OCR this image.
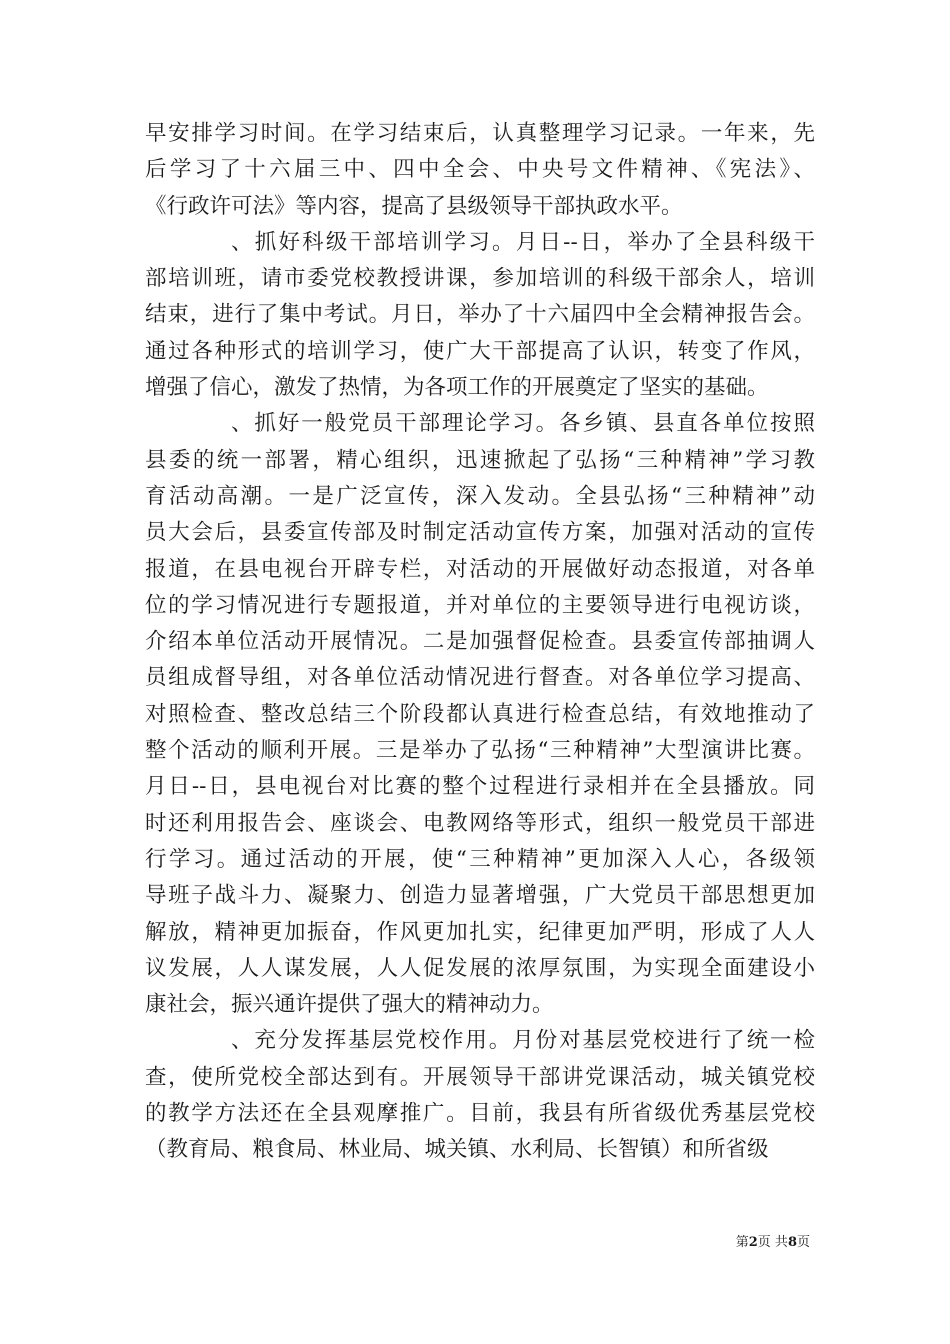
早安排学习时间。在学习结束后，认真整理学习记录。一年来，先
后学习了十六届三中、四中全会、中央号文件精神、《宪法》、
《行政许可法》等内容，提高了县级领导干部执政水平。
、抓好科级干部培训学习。月日--日，举办了全县科级干
部培训班，请市委党校教授讲课，参加培训的科级干部余人，培训
结束，进行了集中考试。月日，举办了十六届四中全会精神报告会。
通过各种形式的培训学习，使广大干部提高了认识，转变了作风，
增强了信心，激发了热情，为各项工作的开展奠定了坚实的基础。
、抓好一般党员干部理论学习。各乡镇、县直各单位按照
县委的统一部署，精心组织，迅速掀起了弘扬“三种精神”学习教
育活动高潮。一是广泛宣传，深入发动。全县弘扬“三种精神”动
员大会后，县委宣传部及时制定活动宣传方案，加强对活动的宣传
报道，在县电视台开辟专栏，对活动的开展做好动态报道，对各单
位的学习情况进行专题报道，并对单位的主要领导进行电视访谈，
介绍本单位活动开展情况。二是加强督促检查。县委宣传部抽调人
员组成督导组，对各单位活动情况进行督查。对各单位学习提高、
对照检查、整改总结三个阶段都认真进行检查总结，有效地推动了
整个活动的顺利开展。三是举办了弘扬“三种精神”大型演讲比赛。
月日--日，县电视台对比赛的整个过程进行录相并在全县播放。同
时还利用报告会、座谈会、电教网络等形式，组织一般党员干部进
行学习。通过活动的开展，使“三种精神”更加深入人心，各级领
导班子战斗力、凝聚力、创造力显著增强，广大党员干部思想更加
解放，精神更加振奋，作风更加扎实，纪律更加严明，形成了人人
议发展，人人谋发展，人人促发展的浓厚氛围，为实现全面建设小
康社会，振兴通许提供了强大的精神动力。
、充分发挥基层党校作用。月份对基层党校进行了统一检
查，使所党校全部达到有。开展领导干部讲党课活动，城关镇党校
的教学方法还在全县观摩推广。目前，我县有所省级优秀基层党校
（教育局、粮食局、林业局、城关镇、水利局、长智镇）和所省级
第2页 共8页
